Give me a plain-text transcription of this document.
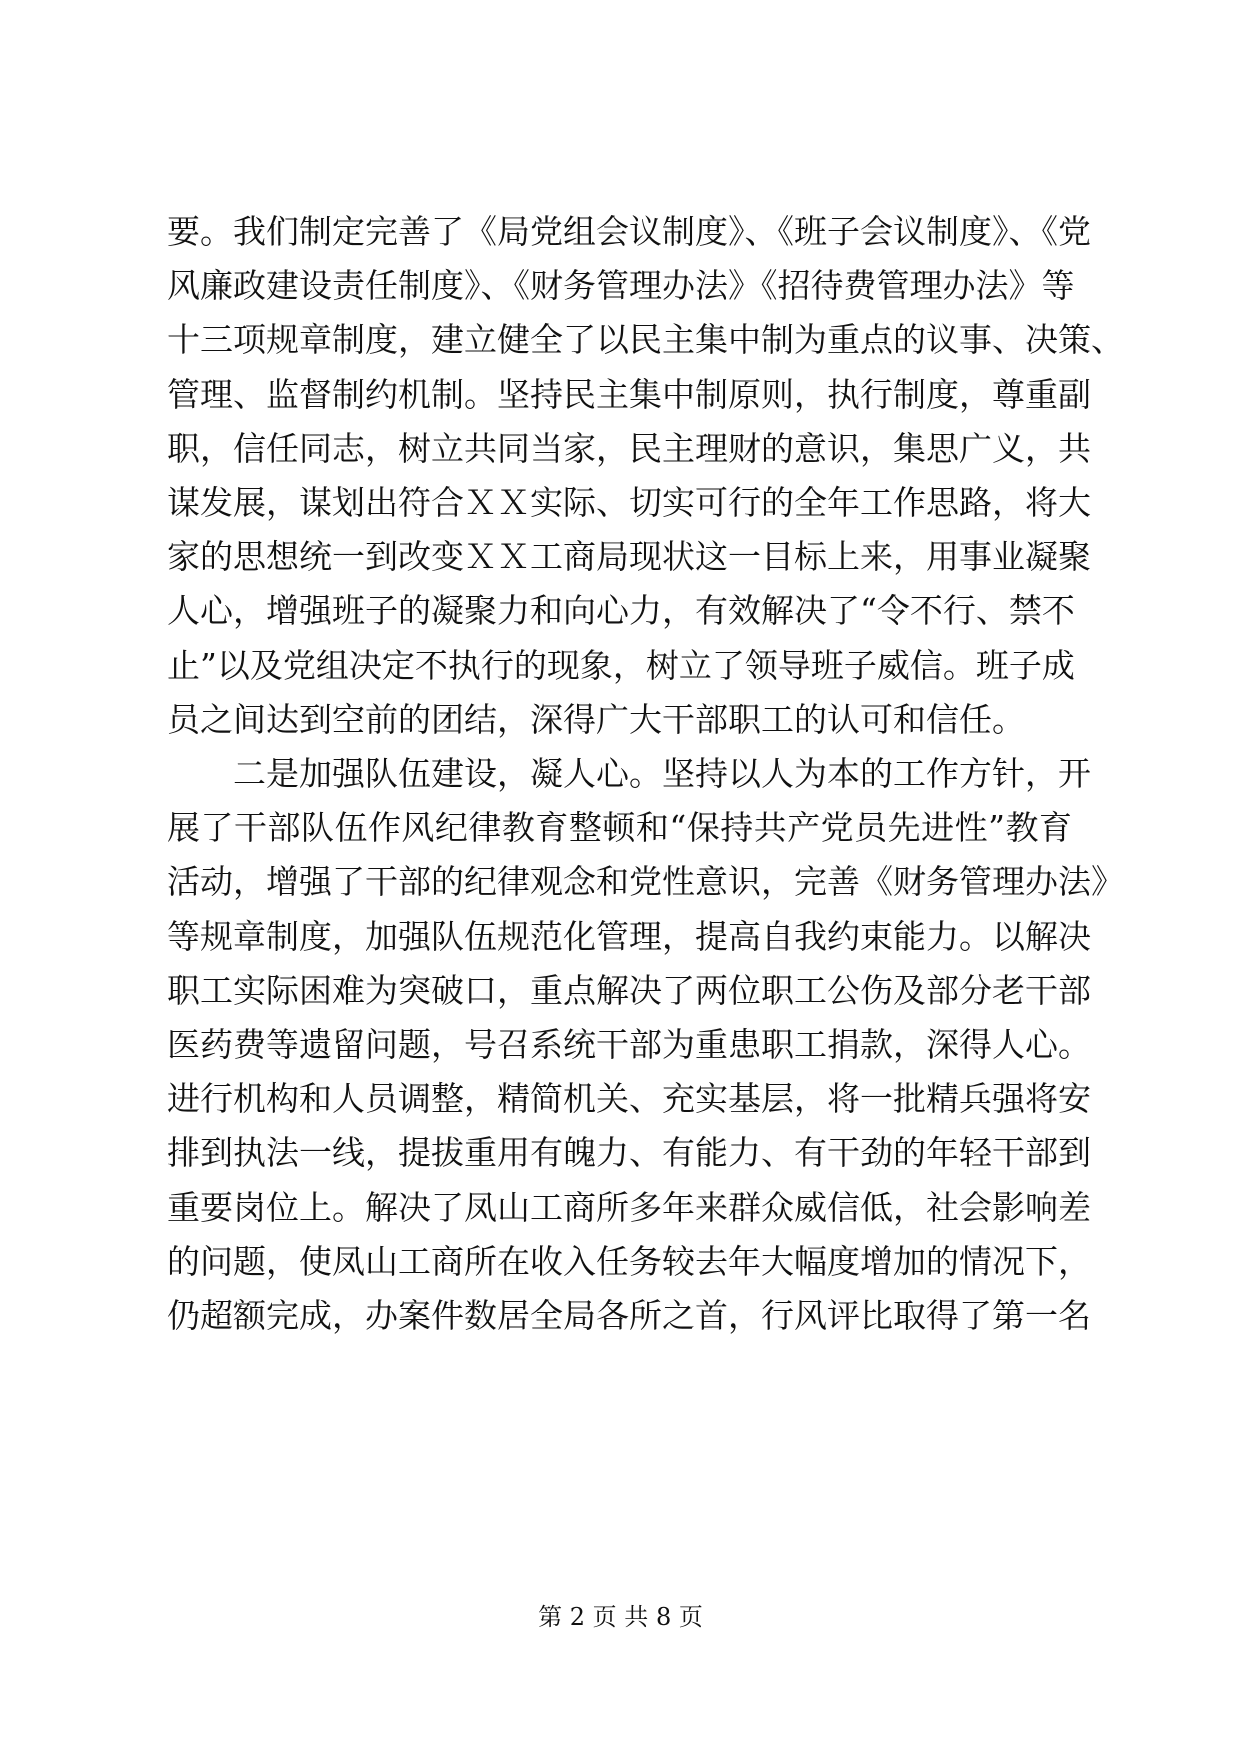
要。我们制定完善了《局党组会议制度》、《班子会议制度》、《党
风廉政建设责任制度》、《财务管理办法》《招待费管理办法》等
十三项规章制度，建立健全了以民主集中制为重点的议事、决策、
管理、监督制约机制。坚持民主集中制原则，执行制度，尊重副
职，信任同志，树立共同当家，民主理财的意识，集思广义，共
谋发展，谋划出符合ＸＸ实际、切实可行的全年工作思路，将大
家的思想统一到改变ＸＸ工商局现状这一目标上来，用事业凝聚
人心，增强班子的凝聚力和向心力，有效解决了“令不行、禁不
止”以及党组决定不执行的现象，树立了领导班子威信。班子成
员之间达到空前的团结，深得广大干部职工的认可和信任。
二是加强队伍建设，凝人心。坚持以人为本的工作方针，开
展了干部队伍作风纪律教育整顿和“保持共产党员先进性”教育
活动，增强了干部的纪律观念和党性意识，完善《财务管理办法》
等规章制度，加强队伍规范化管理，提高自我约束能力。以解决
职工实际困难为突破口，重点解决了两位职工公伤及部分老干部
医药费等遗留问题，号召系统干部为重患职工捐款，深得人心。
进行机构和人员调整，精简机关、充实基层，将一批精兵强将安
排到执法一线，提拔重用有魄力、有能力、有干劲的年轻干部到
重要岗位上。解决了凤山工商所多年来群众威信低，社会影响差
的问题，使凤山工商所在收入任务较去年大幅度增加的情况下，
仍超额完成，办案件数居全局各所之首，行风评比取得了第一名
第 2 页 共 8 页
